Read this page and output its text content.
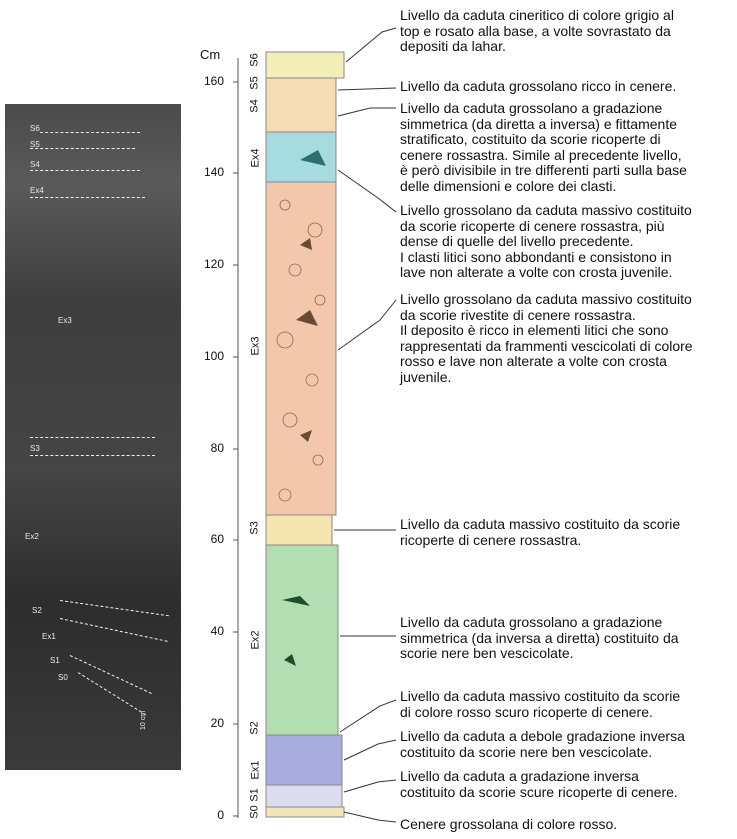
S6
S5
S4
Ex4
Ex3
S3
Ex2
S2
Ex1
S1
S0
10 cm
Cm
160
140
120
100
80
60
40
20
0
S6
S5
S4
Ex4
Ex3
S3
Ex2
S2
Ex1
S1
S0
Livello da caduta cineritico di colore grigio al
top e rosato alla base, a volte sovrastato da
depositi da lahar.
Livello da caduta grossolano ricco in cenere.
Livello da caduta grossolano a gradazione
simmetrica (da diretta a inversa) e fittamente
stratificato, costituito da scorie ricoperte di
cenere rossastra. Simile al precedente livello,
è però divisibile in tre differenti parti sulla base
delle dimensioni e colore dei clasti.
Livello grossolano da caduta massivo costituito
da scorie ricoperte di cenere rossastra, più
dense di quelle del livello precedente.
I clasti litici sono abbondanti e consistono in
lave non alterate a volte con crosta juvenile.
Livello grossolano da caduta massivo costituito
da scorie rivestite di cenere rossastra.
Il deposito è ricco in elementi litici che sono
rappresentati da frammenti vescicolati di colore
rosso e lave non alterate a volte con crosta
juvenile.
Livello da caduta massivo costituito da scorie
ricoperte di cenere rossastra.
Livello da caduta grossolano a gradazione
simmetrica (da inversa a diretta) costituito da
scorie nere ben vescicolate.
Livello da caduta massivo costituito da scorie
di colore rosso scuro ricoperte di cenere.
Livello da caduta a debole gradazione inversa
costituito da scorie nere ben vescicolate.
Livello da caduta a gradazione inversa
costituito da scorie scure ricoperte di cenere.
Cenere grossolana di colore rosso.
